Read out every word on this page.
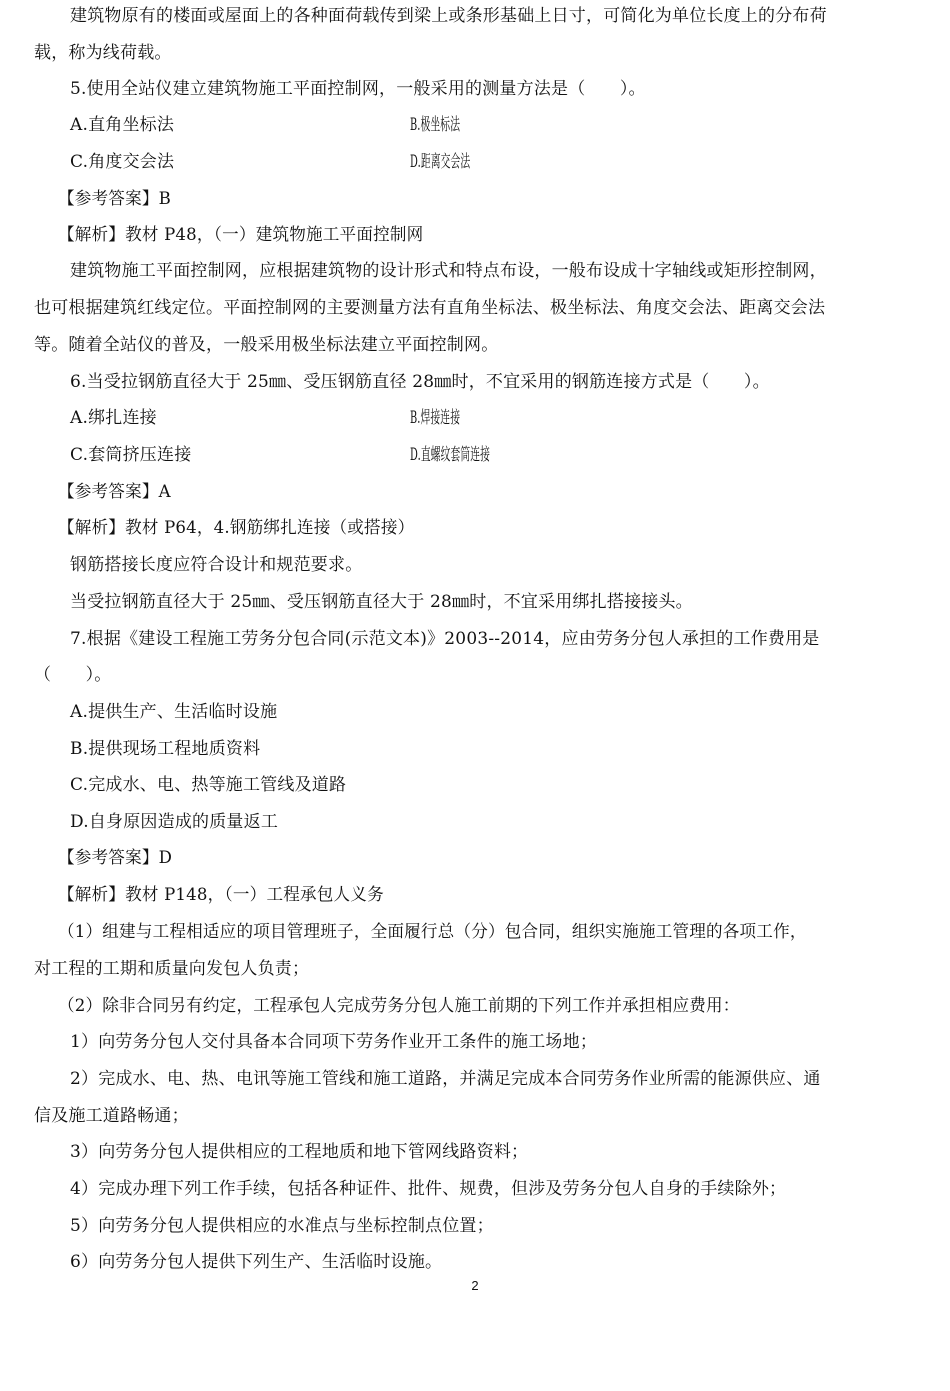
建筑物原有的楼面或屋面上的各种面荷载传到梁上或条形基础上日寸，可简化为单位长度上的分布荷
载，称为线荷载。
5.使用全站仪建立建筑物施工平面控制网，一般采用的测量方法是（　　）。
A.直角坐标法	B.极坐标法
C.角度交会法	D.距离交会法
【参考答案】B
【解析】教材 P48，（一）建筑物施工平面控制网
建筑物施工平面控制网，应根据建筑物的设计形式和特点布设，一般布设成十字轴线或矩形控制网，
也可根据建筑红线定位。平面控制网的主要测量方法有直角坐标法、极坐标法、角度交会法、距离交会法
等。随着全站仪的普及，一般采用极坐标法建立平面控制网。
6.当受拉钢筋直径大于 25㎜、受压钢筋直径 28㎜时，不宜采用的钢筋连接方式是（　　）。
A.绑扎连接	B.焊接连接
C.套筒挤压连接	D.直螺纹套筒连接
【参考答案】A
【解析】教材 P64，4.钢筋绑扎连接（或搭接）
钢筋搭接长度应符合设计和规范要求。
当受拉钢筋直径大于 25㎜、受压钢筋直径大于 28㎜时，不宜采用绑扎搭接接头。
7.根据《建设工程施工劳务分包合同(示范文本)》2003--2014，应由劳务分包人承担的工作费用是
（　　）。
A.提供生产、生活临时设施
B.提供现场工程地质资料
C.完成水、电、热等施工管线及道路
D.自身原因造成的质量返工
【参考答案】D
【解析】教材 P148，（一）工程承包人义务
（1）组建与工程相适应的项目管理班子，全面履行总（分）包合同，组织实施施工管理的各项工作，
对工程的工期和质量向发包人负责；
（2）除非合同另有约定，工程承包人完成劳务分包人施工前期的下列工作并承担相应费用：
1）向劳务分包人交付具备本合同项下劳务作业开工条件的施工场地；
2）完成水、电、热、电讯等施工管线和施工道路，并满足完成本合同劳务作业所需的能源供应、通
信及施工道路畅通；
3）向劳务分包人提供相应的工程地质和地下管网线路资料；
4）完成办理下列工作手续，包括各种证件、批件、规费，但涉及劳务分包人自身的手续除外；
5）向劳务分包人提供相应的水准点与坐标控制点位置；
6）向劳务分包人提供下列生产、生活临时设施。
2
